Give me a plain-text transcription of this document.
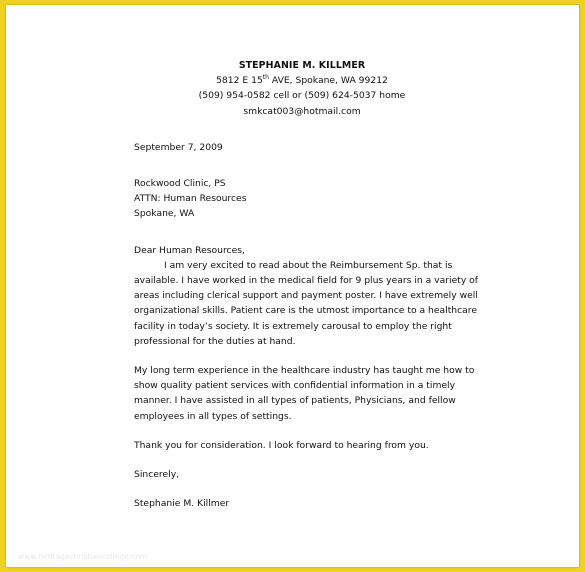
STEPHANIE M. KILLMER
5812 E 15th AVE, Spokane, WA 99212
(509) 954-0582 cell or (509) 624-5037 home
smkcat003@hotmail.com
September 7, 2009
Rockwood Clinic, PS
ATTN: Human Resources
Spokane, WA
Dear Human Resources,
I am very excited to read about the Reimbursement Sp. that is
available. I have worked in the medical field for 9 plus years in a variety of
areas including clerical support and payment poster. I have extremely well
organizational skills. Patient care is the utmost importance to a healthcare
facility in today’s society. It is extremely carousal to employ the right
professional for the duties at hand.
My long term experience in the healthcare industry has taught me how to
show quality patient services with confidential information in a timely
manner. I have assisted in all types of patients, Physicians, and fellow
employees in all types of settings.
Thank you for consideration. I look forward to hearing from you.
Sincerely,
Stephanie M. Killmer
www.heritagechristiancollege.com
